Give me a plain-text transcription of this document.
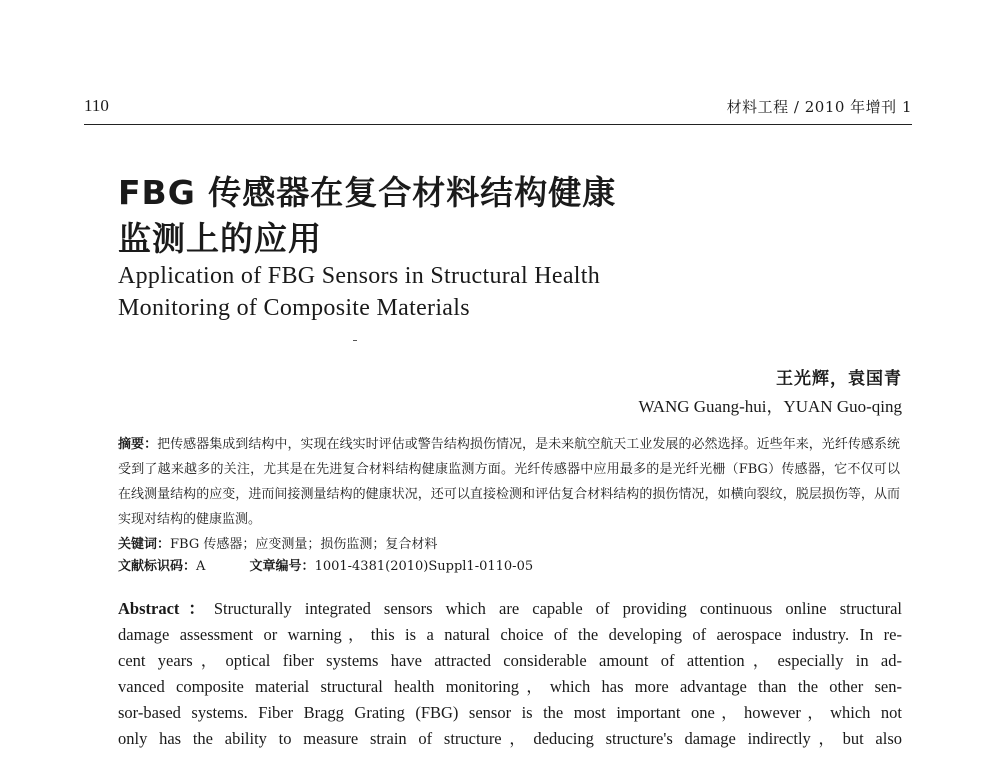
110	材料工程 / 2010 年增刊 1
FBG 传感器在复合材料结构健康
监测上的应用
Application of FBG Sensors in Structural Health
Monitoring of Composite Materials
王光辉，袁国青
WANG Guang-hui，YUAN Guo-qing

摘要：把传感器集成到结构中，实现在线实时评估或警告结构损伤情况，是未来航空航天工业发展的必然选择。近些年来，光纤传感系统受到了越来越多的关注，尤其是在先进复合材料结构健康监测方面。光纤传感器中应用最多的是光纤光栅（FBG）传感器，它不仅可以在线测量结构的应变，进而间接测量结构的健康状况，还可以直接检测和评估复合材料结构的损伤情况，如横向裂纹，脱层损伤等，从而实现对结构的健康监测。

关键词：FBG 传感器；应变测量；损伤监测；复合材料
文献标识码：A	文章编号：1001-4381(2010)Suppl1-0110-05
Abstract：Structurally integrated sensors which are capable of providing continuous online structural
damage assessment or warning，this is a natural choice of the developing of aerospace industry. In re-
cent years，optical fiber systems have attracted considerable amount of attention，especially in ad-
vanced composite material structural health monitoring，which has more advantage than the other sen-
sor-based systems. Fiber Bragg Grating (FBG) sensor is the most important one，however，which not
only has the ability to measure strain of structure，deducing structure's damage indirectly，but also
